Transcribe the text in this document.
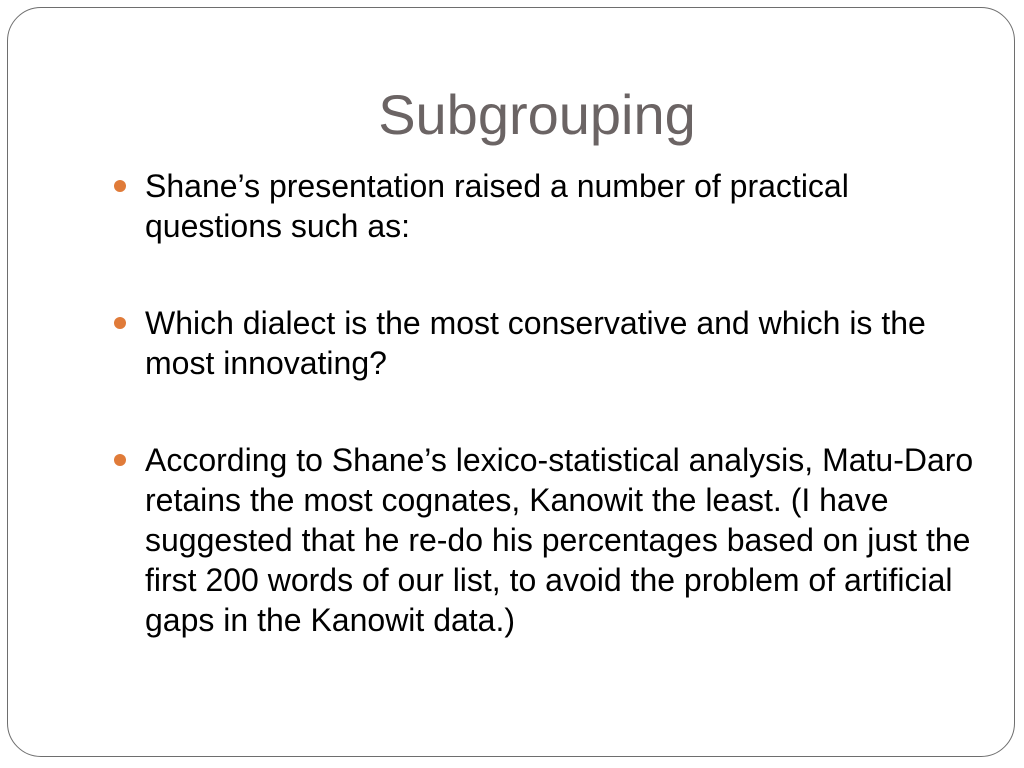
Subgrouping
Shane’s presentation raised a number of practical questions such as:
Which dialect is the most conservative and which is the most innovating?
According to Shane’s lexico-statistical analysis, Matu-Daro retains the most cognates, Kanowit the least. (I have suggested that he re-do his percentages based on just the first 200 words of our list, to avoid the problem of artificial gaps in the Kanowit data.)
